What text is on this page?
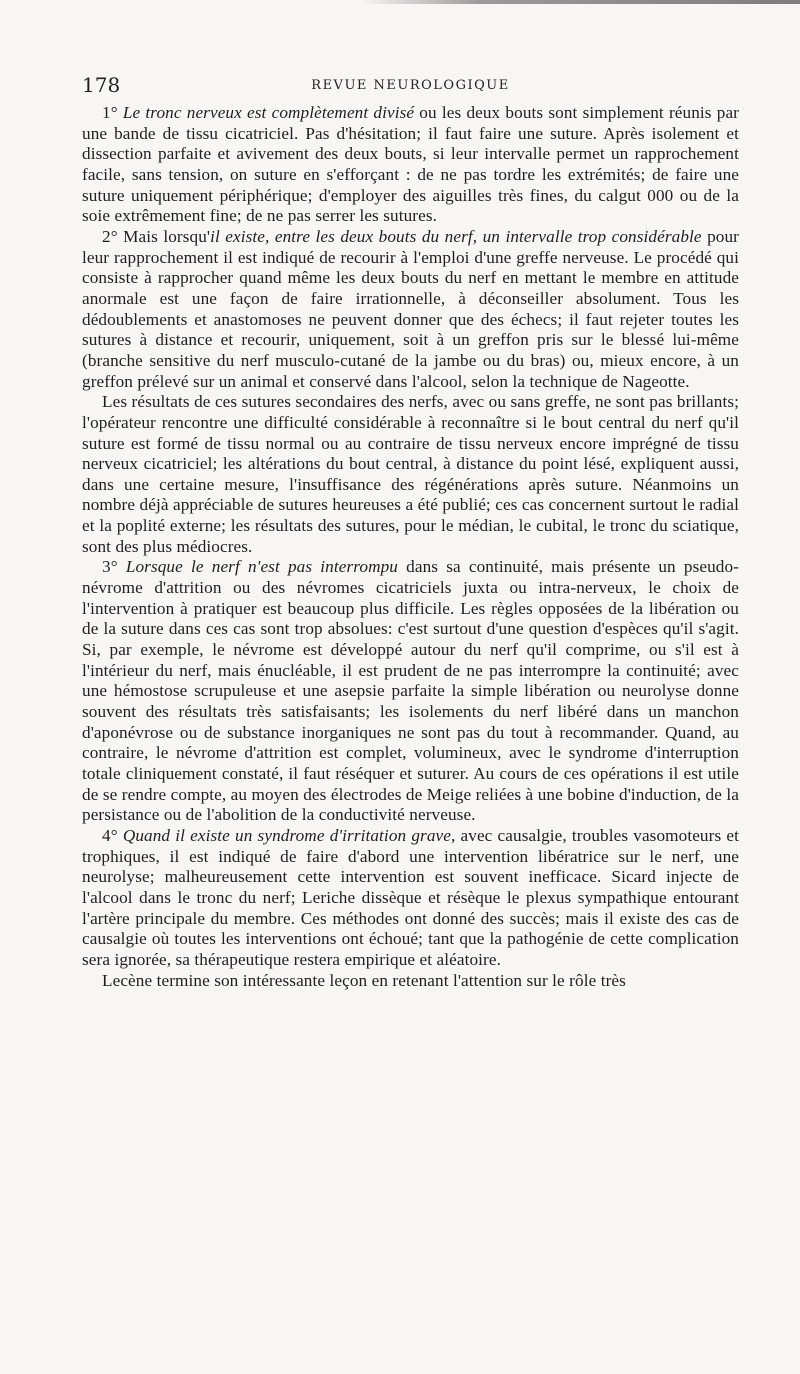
178	REVUE NEUROLOGIQUE

1° Le tronc nerveux est complètement divisé ou les deux bouts sont simplement réunis par une bande de tissu cicatriciel. Pas d'hésitation; il faut faire une suture. Après isolement et dissection parfaite et avivement des deux bouts, si leur intervalle permet un rapprochement facile, sans tension, on suture en s'efforçant : de ne pas tordre les extrémités; de faire une suture uniquement périphérique; d'employer des aiguilles très fines, du calgut 000 ou de la soie extrêmement fine; de ne pas serrer les sutures.

2° Mais lorsqu'il existe, entre les deux bouts du nerf, un intervalle trop considérable pour leur rapprochement il est indiqué de recourir à l'emploi d'une greffe nerveuse. Le procédé qui consiste à rapprocher quand même les deux bouts du nerf en mettant le membre en attitude anormale est une façon de faire irrationnelle, à déconseiller absolument. Tous les dédoublements et anastomoses ne peuvent donner que des échecs; il faut rejeter toutes les sutures à distance et recourir, uniquement, soit à un greffon pris sur le blessé lui-même (branche sensitive du nerf musculo-cutané de la jambe ou du bras) ou, mieux encore, à un greffon prélevé sur un animal et conservé dans l'alcool, selon la technique de Nageotte.

Les résultats de ces sutures secondaires des nerfs, avec ou sans greffe, ne sont pas brillants; l'opérateur rencontre une difficulté considérable à reconnaître si le bout central du nerf qu'il suture est formé de tissu normal ou au contraire de tissu nerveux encore imprégné de tissu nerveux cicatriciel; les altérations du bout central, à distance du point lésé, expliquent aussi, dans une certaine mesure, l'insuffisance des régénérations après suture. Néanmoins un nombre déjà appréciable de sutures heureuses a été publié; ces cas concernent surtout le radial et la poplité externe; les résultats des sutures, pour le médian, le cubital, le tronc du sciatique, sont des plus médiocres.

3° Lorsque le nerf n'est pas interrompu dans sa continuité, mais présente un pseudo-névrome d'attrition ou des névromes cicatriciels juxta ou intra-nerveux, le choix de l'intervention à pratiquer est beaucoup plus difficile. Les règles opposées de la libération ou de la suture dans ces cas sont trop absolues: c'est surtout d'une question d'espèces qu'il s'agit. Si, par exemple, le névrome est développé autour du nerf qu'il comprime, ou s'il est à l'intérieur du nerf, mais énucléable, il est prudent de ne pas interrompre la continuité; avec une hémostose scrupuleuse et une asepsie parfaite la simple libération ou neurolyse donne souvent des résultats très satisfaisants; les isolements du nerf libéré dans un manchon d'aponévrose ou de substance inorganiques ne sont pas du tout à recommander. Quand, au contraire, le névrome d'attrition est complet, volumineux, avec le syndrome d'interruption totale cliniquement constaté, il faut réséquer et suturer. Au cours de ces opérations il est utile de se rendre compte, au moyen des électrodes de Meige reliées à une bobine d'induction, de la persistance ou de l'abolition de la conductivité nerveuse.

4° Quand il existe un syndrome d'irritation grave, avec causalgie, troubles vasomoteurs et trophiques, il est indiqué de faire d'abord une intervention libératrice sur le nerf, une neurolyse; malheureusement cette intervention est souvent inefficace. Sicard injecte de l'alcool dans le tronc du nerf; Leriche dissèque et résèque le plexus sympathique entourant l'artère principale du membre. Ces méthodes ont donné des succès; mais il existe des cas de causalgie où toutes les interventions ont échoué; tant que la pathogénie de cette complication sera ignorée, sa thérapeutique restera empirique et aléatoire.

Lecène termine son intéressante leçon en retenant l'attention sur le rôle très
